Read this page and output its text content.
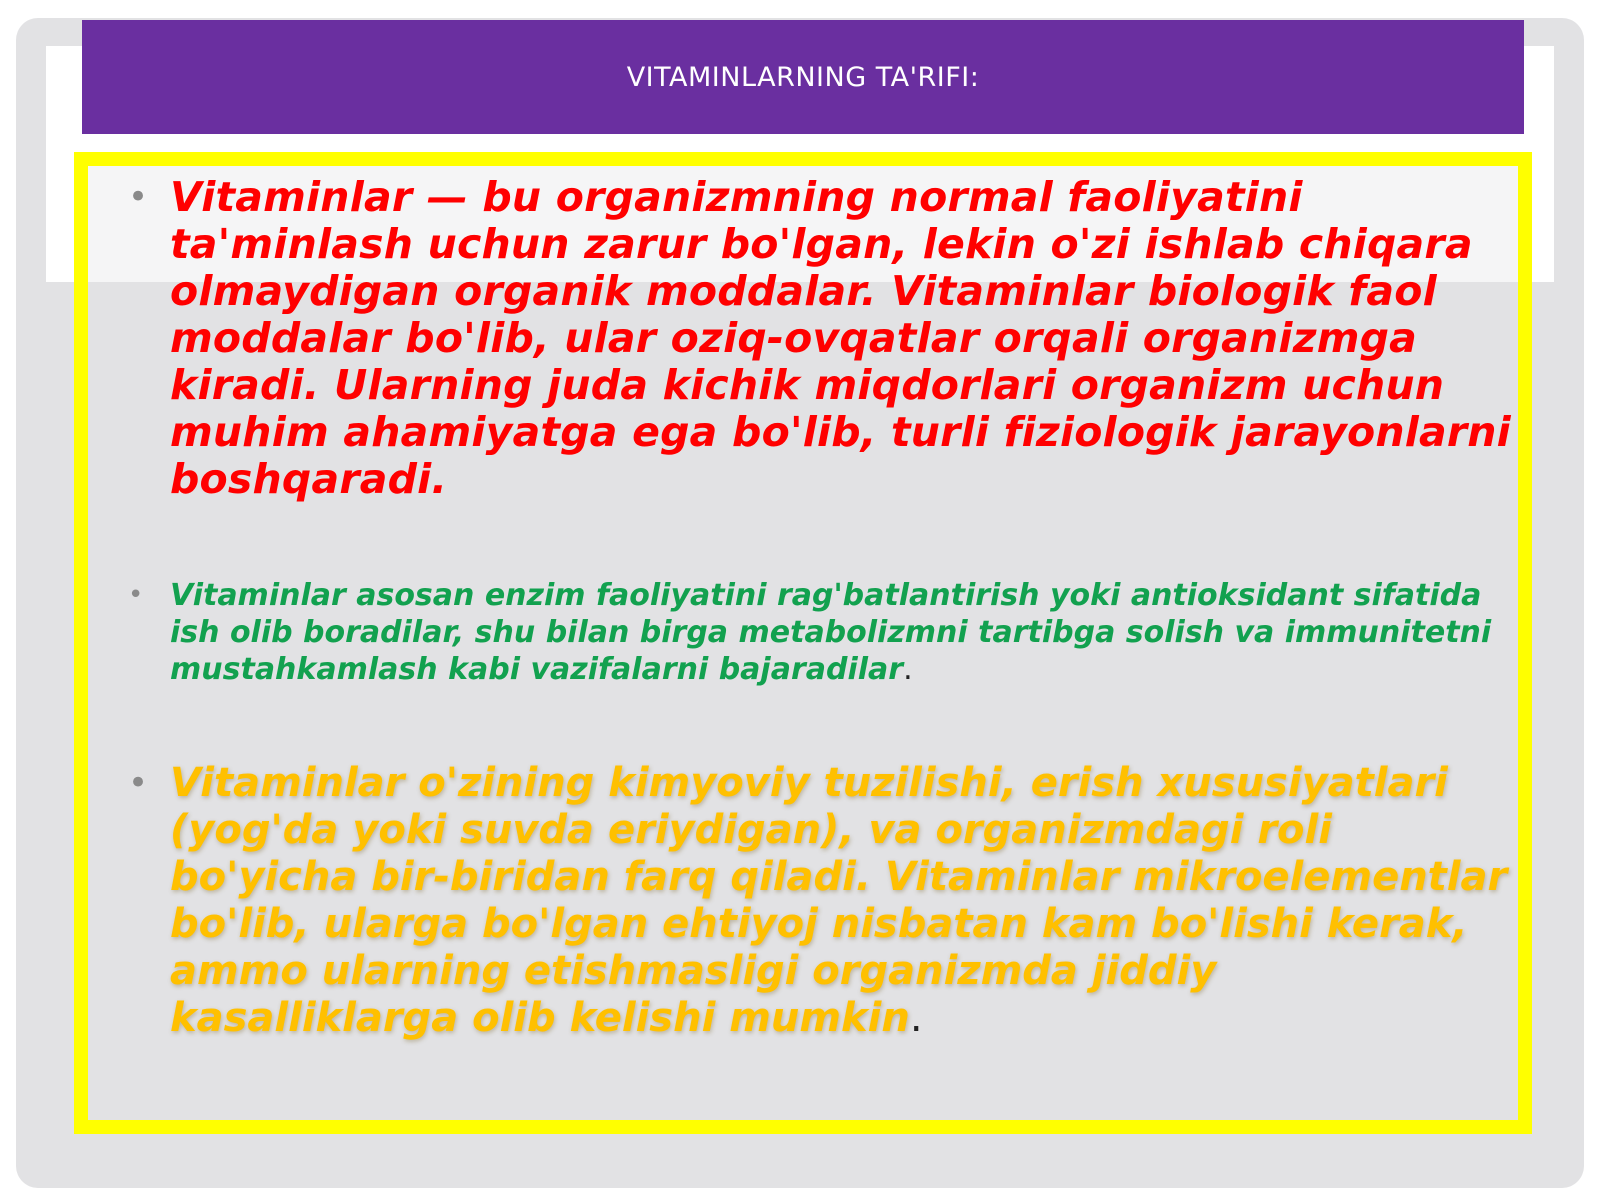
VITAMINLARNING TA'RIFI:
• Vitaminlar — bu organizmning normal faoliyatini ta'minlash uchun zarur bo'lgan, lekin o'zi ishlab chiqara olmaydigan organik moddalar. Vitaminlar biologik faol moddalar bo'lib, ular oziq-ovqatlar orqali organizmga kiradi. Ularning juda kichik miqdorlari organizm uchun muhim ahamiyatga ega bo'lib, turli fiziologik jarayonlarni boshqaradi.
• Vitaminlar asosan enzim faoliyatini rag'batlantirish yoki antioksidant sifatida ish olib boradilar, shu bilan birga metabolizmni tartibga solish va immunitetni mustahkamlash kabi vazifalarni bajaradilar.
• Vitaminlar o'zining kimyoviy tuzilishi, erish xususiyatlari (yog'da yoki suvda eriydigan), va organizmdagi roli bo'yicha bir-biridan farq qiladi. Vitaminlar mikroelementlar bo'lib, ularga bo'lgan ehtiyoj nisbatan kam bo'lishi kerak, ammo ularning etishmasligi organizmda jiddiy kasalliklarga olib kelishi mumkin.
